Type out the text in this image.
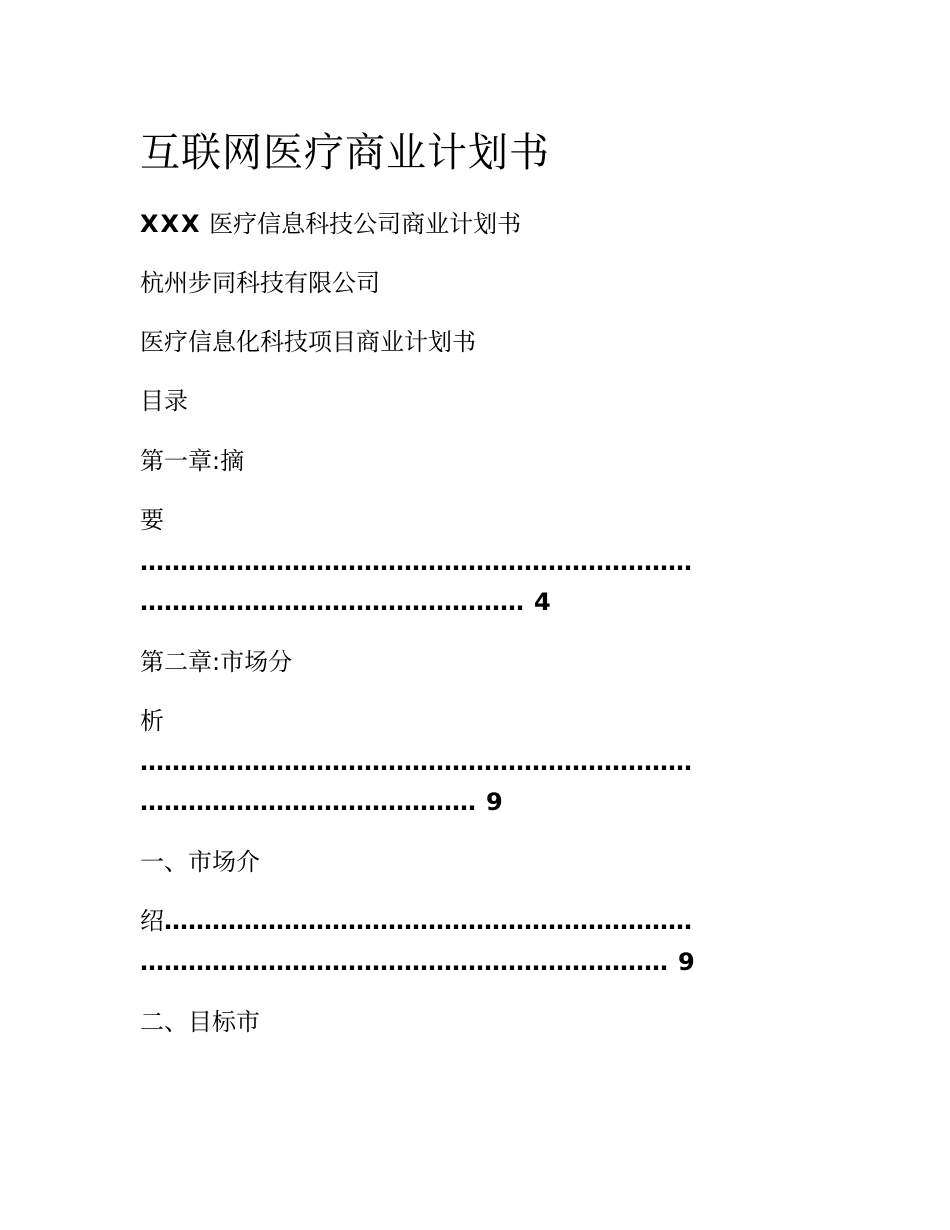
互联网医疗商业计划书
XXX 医疗信息科技公司商业计划书
杭州步同科技有限公司
医疗信息化科技项目商业计划书
目录
第一章:摘
要
……………………………………………………………
………………………………………… 4
第二章:市场分
析
……………………………………………………………
…………………………………… 9
一、市场介
绍…………………………………………………………
………………………………………………………… 9
二、目标市
